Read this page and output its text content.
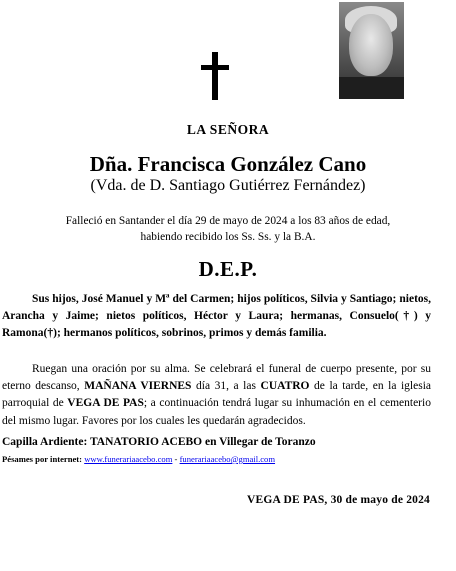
LA SEÑORA
Dña. Francisca González Cano
(Vda. de D. Santiago Gutiérrez Fernández)
Falleció en Santander el día 29 de mayo de 2024 a los 83 años de edad,
habiendo recibido los Ss. Ss. y la B.A.
D.E.P.
Sus hijos, José Manuel y Mª del Carmen; hijos políticos, Silvia y Santiago; nietos, Arancha y Jaime; nietos políticos, Héctor y Laura; hermanas, Consuelo(†) y Ramona(†); hermanos políticos, sobrinos, primos y demás familia.
Ruegan una oración por su alma. Se celebrará el funeral de cuerpo presente, por su eterno descanso, MAÑANA VIERNES día 31, a las CUATRO de la tarde, en la iglesia parroquial de VEGA DE PAS; a continuación tendrá lugar su inhumación en el cementerio del mismo lugar. Favores por los cuales les quedarán agradecidos.
Capilla Ardiente: TANATORIO ACEBO en Villegar de Toranzo
Pésames por internet: www.funerariaacebo.com - funerariaacebo@gmail.com
VEGA DE PAS, 30 de mayo de 2024
